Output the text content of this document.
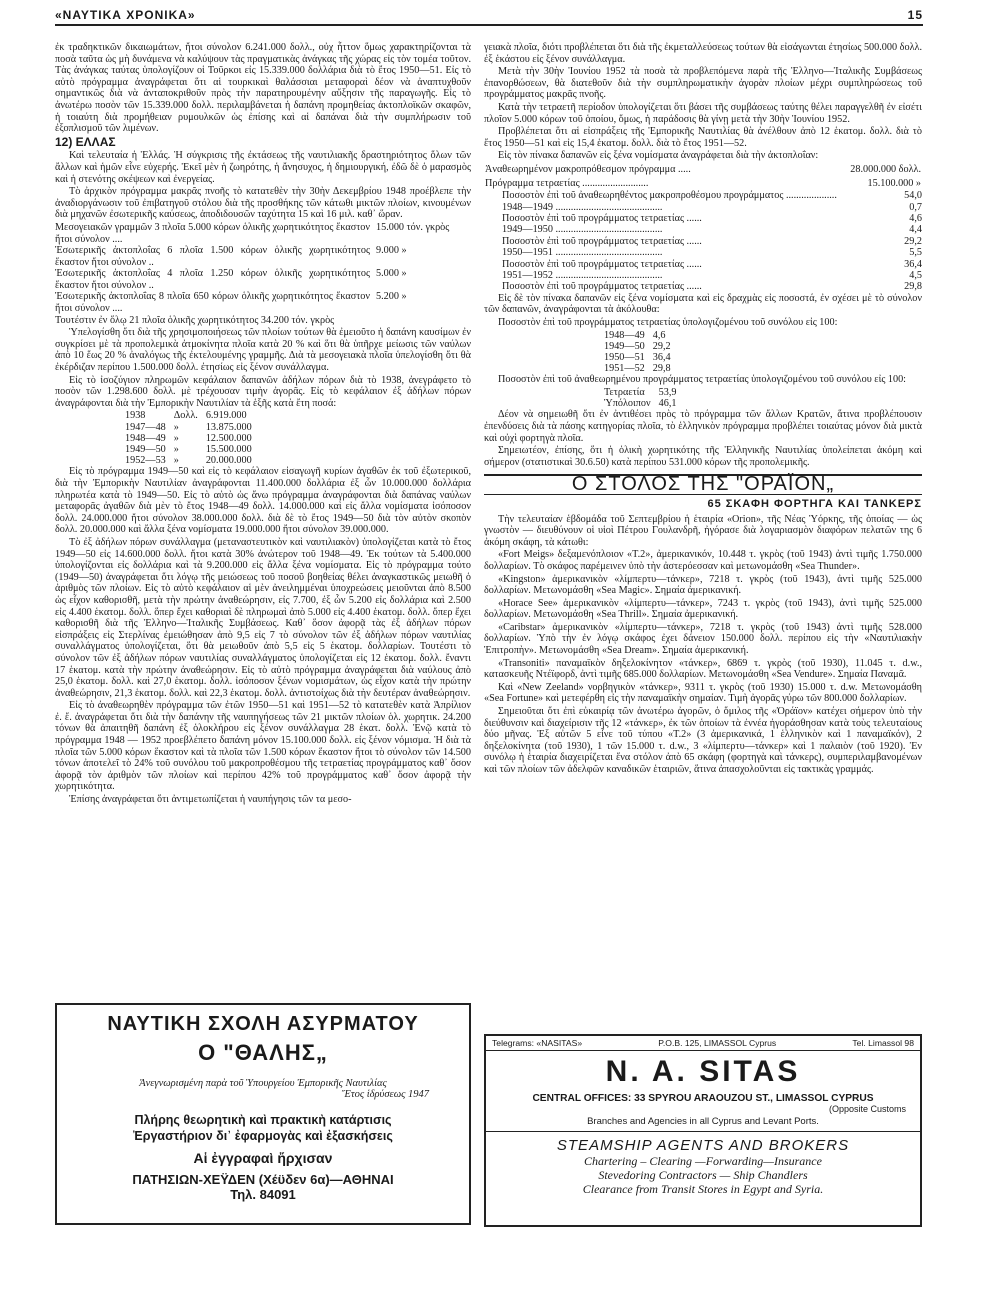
«ΝΑΥΤΙΚΑ ΧΡΟΝΙΚΑ»	15

ἐκ τραδηκτικῶν δικαιωμάτων, ἤτοι σύνολον 6.241.000 δολλ., οὐχ ἦττον ὅμως χαρακτηρίζονται τὰ ποσὰ ταῦτα ὡς μὴ δυνάμενα νὰ καλύψουν τὰς πραγματικὰς ἀνάγκας τῆς χώρας εἰς τὸν τομέα τοῦτον. Τὰς ἀνάγκας ταύτας ὑπολογίζουν οἱ Τοῦρκοι εἰς 15.339.000 δολλάρια διὰ τὸ ἔτος 1950—51. Εἰς τὸ αὐτὸ πρόγραμμα ἀναγράφεται ὅτι αἱ τουρκικαὶ θαλάσσιαι μεταφοραὶ δέον νὰ ἀναπτυχθοῦν σημαντικῶς διὰ νὰ ἀνταποκριθοῦν πρὸς τὴν παρατηρουμένην αὔξησιν τῆς παραγωγῆς. Εἰς τὸ ἀνωτέρω ποσὸν τῶν 15.339.000 δολλ. περιλαμβάνεται ἡ δαπάνη προμηθείας ἀκτοπλοϊκῶν σκαφῶν, ἡ τοιαύτη διὰ προμήθειαν ρυμουλκῶν ὡς ἐπίσης καὶ αἱ δαπάναι διὰ τὴν συμπλήρωσιν τοῦ ἐξοπλισμοῦ τῶν λιμένων.

12) ΕΛΛΑΣ

Καὶ τελευταία ἡ Ἑλλάς. Ἡ σύγκρισις τῆς ἐκτάσεως τῆς ναυτιλιακῆς δραστηριότητος ὅλων τῶν ἄλλων καὶ ἡμῶν εἶνε εὐχερής. Ἐκεῖ μὲν ἡ ζωηρότης, ἡ ἄνησυχος, ἡ δημιουργική, ἐδῶ δὲ ὁ μαρασμὸς καὶ ἡ στενότης σκέψεων καὶ ἐνεργείας.

Τὸ ἀρχικὸν πρόγραμμα μακρᾶς πνοῆς τὸ κατατεθὲν τὴν 30ὴν Δεκεμβρίου 1948 προέβλεπε τὴν ἀναδιοργάνωσιν τοῦ ἐπιβατηγοῦ στόλου διὰ τῆς προσθήκης τῶν κάτωθι μικτῶν πλοίων, κινουμένων διὰ μηχανῶν ἐσωτερικῆς καύσεως, ἀποδιδουσῶν ταχύτητα 15 καὶ 16 μιλ. καθ᾽ ὥραν.

Μεσογειακῶν γραμμῶν 3 πλοῖα 5.000 κόρων ὁλικῆς χωρητικότητος ἕκαστον ἤτοι σύνολον ....	15.000 τόν. γκρὸς
Ἐσωτερικῆς ἀκτοπλοΐας 6 πλοῖα 1.500 κόρων ὁλικῆς χωρητικότητος ἕκαστον ἤτοι σύνολον ..	9.000 »
Ἐσωτερικῆς ἀκτοπλοΐας 4 πλοῖα 1.250 κόρων ὁλικῆς χωρητικότητος ἕκαστον ἤτοι σύνολον ..	5.000 »
Ἐσωτερικῆς ἀκτοπλοΐας 8 πλοῖα 650 κόρων ὁλικῆς χωρητικότητος ἕκαστον ἤτοι σύνολον ....	5.200 »

Τουτέστιν ἐν ὅλῳ 21 πλοῖα ὁλικῆς χωρητικότητος 34.200 τόν. γκρὸς

Ὑπελογίσθη ὅτι διὰ τῆς χρησιμοποιήσεως τῶν πλοίων τούτων θὰ ἐμειοῦτο ἡ δαπάνη καυσίμων ἐν συγκρίσει μὲ τὰ προπολεμικὰ ἀτμοκίνητα πλοῖα κατὰ 20 % καὶ ὅτι θὰ ὑπῆρχε μείωσις τῶν ναύλων ἀπὸ 10 ἕως 20 % ἀναλόγως τῆς ἐκτελουμένης γραμμῆς. Διὰ τὰ μεσογειακὰ πλοῖα ὑπελογίσθη ὅτι θὰ ἐκέρδιζαν περίπου 1.500.000 δολλ. ἐτησίως εἰς ξένον συνάλλαγμα.

Εἰς τὸ ἰσοζύγιον πληρωμῶν κεφάλαιον δαπανῶν ἀδήλων πόρων διὰ τὸ 1938, ἀνεγράφετο τὸ ποσὸν τῶν 1.298.600 δολλ. μὲ τρέχουσαν τιμὴν ἀγορᾶς. Εἰς τὸ κεφάλαιον ἐξ ἀδήλων πόρων ἀναγράφονται διὰ τὴν Ἐμπορικὴν Ναυτιλίαν τὰ ἑξῆς κατὰ ἔτη ποσά:

1938	Δολλ.	6.919.000
1947—48	»	13.875.000
1948—49	»	12.500.000
1949—50	»	15.500.000
1952—53	»	20.000.000

Εἰς τὸ πρόγραμμα 1949—50 καὶ εἰς τὸ κεφάλαιον εἰσαγωγῆ κυρίων ἀγαθῶν ἐκ τοῦ ἐξωτερικοῦ, διὰ τὴν Ἐμπορικὴν Ναυτιλίαν ἀναγράφονται 11.400.000 δολλάρια ἐξ ὧν 10.000.000 δολλάρια πληρωτέα κατὰ τὸ 1949—50. Εἰς τὸ αὐτὸ ὡς ἄνω πρόγραμμα ἀναγράφονται διὰ δαπάνας ναύλων μεταφορᾶς ἀγαθῶν διὰ μὲν τὸ ἔτος 1948—49 δολλ. 14.000.000 καὶ εἰς ἄλλα νομίσματα ἰσόποσον δολλ. 24.000.000 ἤτοι σύνολον 38.000.000 δολλ. διὰ δὲ τὸ ἔτος 1949—50 διὰ τὸν αὐτὸν σκοπὸν δολλ. 20.000.000 καὶ ἄλλα ξένα νομίσματα 19.000.000 ἤτοι σύνολον 39.000.000.

Τὸ ἐξ ἀδήλων πόρων συνάλλαγμα (μεταναστευτικὸν καὶ ναυτιλιακὸν) ὑπολογίζεται κατὰ τὸ ἔτος 1949—50 εἰς 14.600.000 δολλ. ἤτοι κατὰ 30% ἀνώτερον τοῦ 1948—49. Ἐκ τούτων τὰ 5.400.000 ὑπολογίζονται εἰς δολλάρια καὶ τὰ 9.200.000 εἰς ἄλλα ξένα νομίσματα. Εἰς τὸ πρόγραμμα τούτο (1949—50) ἀναγράφεται ὅτι λόγῳ τῆς μειώσεως τοῦ ποσοῦ βοηθείας θέλει ἀναγκαστικῶς μειωθῆ ὁ ἀριθμὸς τῶν πλοίων. Εἰς τὸ αὐτὸ κεφάλαιον αἱ μὲν ἀνειλημμέναι ὑποχρεώσεις μειοῦνται ἀπὸ 8.500 ὡς εἶχον καθορισθῆ, μετὰ τὴν πρώτην ἀναθεώρησιν, εἰς 7.700, ἐξ ὧν 5.200 εἰς δολλάρια καὶ 2.500 εἰς 4.400 ἑκατομ. δολλ. ὅπερ ἔχει καθοριαὶ δὲ πληρωμαὶ ἀπὸ 5.000 εἰς 4.400 ἑκατομ. δολλ. ὅπερ ἔχει καθορισθῆ διὰ τῆς Ἑλληνο—Ἰταλικῆς Συμβάσεως. Καθ᾽ ὅσον ἀφορᾷ τὰς ἐξ ἀδήλων πόρων εἰσπράξεις εἰς Στερλίνας ἐμειώθησαν ἀπὸ 9,5 εἰς 7 τὸ σύνολον τῶν ἐξ ἀδήλων πόρων ναυτιλίας συναλλάγματος ὑπολογίζεται, ὅτι θὰ μειωθοῦν ἀπὸ 5,5 εἰς 5 ἑκατομ. δολλαρίων. Τουτέστι τὸ σύνολον τῶν ἐξ ἀδήλων πόρων ναυτιλίας συναλλάγματος ὑπολογίζεται εἰς 12 ἑκατομ. δολλ. ἔναντι 17 ἑκατομ. κατὰ τὴν πρώτην ἀναθεώρησιν. Εἰς τὸ αὐτὸ πρόγραμμα ἀναγράφεται διὰ ναύλους ἀπὸ 25,0 ἑκατομ. δολλ. καὶ 27,0 ἑκατομ. δολλ. ἰσόποσον ξένων νομισμάτων, ὡς εἶχον κατὰ τὴν πρώτην ἀναθεώρησιν, 21,3 ἑκατομ. δολλ. καὶ 22,3 ἑκατομ. δολλ. ἀντιστοίχως διὰ τὴν δευτέραν ἀναθεώρησιν.

Εἰς τὸ ἀναθεωρηθὲν πρόγραμμα τῶν ἐτῶν 1950—51 καὶ 1951—52 τὸ κατατεθὲν κατὰ Ἀπρίλιον ἐ. ἔ. ἀναγράφεται ὅτι διὰ τὴν δαπάνην τῆς ναυπηγήσεως τῶν 21 μικτῶν πλοίων ὁλ. χωρητικ. 24.200 τόνων θὰ ἀπαιτηθῆ δαπάνη ἐξ ὁλοκλήρου εἰς ξένον συνάλλαγμα 28 ἑκατ. δολλ. Ἐνῷ κατὰ τὸ πρόγραμμα 1948 — 1952 προεβλέπετο δαπάνη μόνον 15.100.000 δολλ. εἰς ξένον νόμισμα. Ἡ διὰ τὰ πλοῖα τῶν 5.000 κόρων ἕκαστον καὶ τὰ πλοῖα τῶν 1.500 κόρων ἕκαστον ἤτοι τὸ σύνολον τῶν 14.500 τόνων ἀποτελεῖ τὸ 24% τοῦ συνόλου τοῦ μακροπροθέσμου τῆς τετραετίας προγράμματος καθ᾽ ὅσον ἀφορᾷ τὸν ἀριθμὸν τῶν πλοίων καὶ περίπου 42% τοῦ προγράμματος καθ᾽ ὅσον ἀφορᾷ τὴν χωρητικότητα.

Ἐπίσης ἀναγράφεται ὅτι ἀντιμετωπίζεται ἡ ναυπήγησις τῶν τα μεσο-

γειακὰ πλοῖα, διότι προβλέπεται ὅτι διὰ τῆς ἐκμεταλλεύσεως τούτων θὰ εἰσάγωνται ἐτησίως 500.000 δολλ. ἐξ ἑκάστου εἰς ξένον συνάλλαγμα.

Μετὰ τὴν 30ὴν Ἰουνίου 1952 τὰ ποσὰ τὰ προβλεπόμενα παρὰ τῆς Ἑλληνο—Ἰταλικῆς Συμβάσεως ἐπανορθώσεων, θὰ διατεθοῦν διὰ τὴν συμπληρωματικὴν ἀγορὰν πλοίων μέχρι συμπληρώσεως τοῦ προγράμματος μακρᾶς πνοῆς.

Κατὰ τὴν τετραετῆ περίοδον ὑπολογίζεται ὅτι βάσει τῆς συμβάσεως ταύτης θέλει παραγγελθῆ ἐν εἰσέτι πλοῖον 5.000 κόρων τοῦ ὁποίου, ὅμως, ἡ παράδοσις θὰ γίνῃ μετὰ τὴν 30ὴν Ἰουνίου 1952.

Προβλέπεται ὅτι αἱ εἰσπράξεις τῆς Ἐμπορικῆς Ναυτιλίας θὰ ἀνέλθουν ἀπὸ 12 ἑκατομ. δολλ. διὰ τὸ ἔτος 1950—51 καὶ εἰς 15,4 ἑκατομ. δολλ. διὰ τὸ ἔτος 1951—52.

Εἰς τὸν πίνακα δαπανῶν εἰς ξένα νομίσματα ἀναγράφεται διὰ τὴν ἀκτοπλοΐαν:

Ἀναθεωρημένον μακροπρόθεσμον πρόγραμμα .....	28.000.000 δολλ.
Πρόγραμμα τετραετίας ..........................	15.100.000 »
Ποσοστὸν ἐπὶ τοῦ ἀναθεωρηθέντος μακροπροθέσμου προγράμματος ....................	54,0
1948—1949 ..........................................	0,7
Ποσοστὸν ἐπὶ τοῦ προγράμματος τετραετίας ......	4,6
1949—1950 ..........................................	4,4
Ποσοστὸν ἐπὶ τοῦ προγράμματος τετραετίας ......	29,2
1950—1951 ..........................................	5,5
Ποσοστὸν ἐπὶ τοῦ προγράμματος τετραετίας ......	36,4
1951—1952 ..........................................	4,5
Ποσοστὸν ἐπὶ τοῦ προγράμματος τετραετίας ......	29,8

Εἰς δὲ τὸν πίνακα δαπανῶν εἰς ξένα νομίσματα καὶ εἰς δραχμὰς εἰς ποσοστά, ἐν σχέσει μὲ τὸ σύνολον τῶν δαπανῶν, ἀναγράφονται τὰ ἀκόλουθα:

Ποσοστὸν ἐπὶ τοῦ προγράμματος τετραετίας ὑπολογιζομένου τοῦ συνόλου εἰς 100:

1948—49	4,6
1949—50	29,2
1950—51	36,4
1951—52	29,8

Ποσοστὸν ἐπὶ τοῦ ἀναθεωρημένου προγράμματος τετραετίας ὑπολογιζομένου τοῦ συνόλου εἰς 100:

Τετραετία	53,9
Ὑπόλοιπον	46,1

Δέον νὰ σημειωθῆ ὅτι ἐν ἀντιθέσει πρὸς τὸ πρόγραμμα τῶν ἄλλων Κρατῶν, ἅτινα προβλέπουσιν ἐπενδύσεις διὰ τὰ πάσης κατηγορίας πλοῖα, τὸ ἑλληνικὸν πρόγραμμα προβλέπει τοιαύτας μόνον διὰ μικτὰ καὶ οὐχὶ φορτηγὰ πλοῖα.

Σημειωτέον, ἐπίσης, ὅτι ἡ ὁλικὴ χωρητικότης τῆς Ἑλληνικῆς Ναυτιλίας ὑπολείπεται ἀκόμη καὶ σήμερον (στατιστικαὶ 30.6.50) κατὰ περίπου 531.000 κόρων τῆς προπολεμικῆς.

Ο ΣΤΟΛΟΣ ΤΗΣ "ΟΡΑΪΟΝ„
65 ΣΚΑΦΗ ΦΟΡΤΗΓΑ ΚΑΙ ΤΑΝΚΕΡΣ

Τὴν τελευταίαν ἑβδομάδα τοῦ Σεπτεμβρίου ἡ ἑταιρία «Orion», τῆς Νέας Ὑόρκης, τῆς ὁποίας — ὡς γνωστὸν — διευθύνουν οἱ υἱοὶ Πέτρου Γουλανδρῆ, ἠγόρασε διὰ λογαριασμὸν διαφόρων πελατῶν της 6 ἀκόμη σκάφη, τὰ κάτωθι:

«Fort Meigs» δεξαμενόπλοιον «T.2», ἀμερικανικόν, 10.448 τ. γκρὸς (τοῦ 1943) ἀντὶ τιμῆς 1.750.000 δολλαρίων. Τὸ σκάφος παρέμεινεν ὑπὸ τὴν ἀστερόεσσαν καὶ μετωνομάσθη «Sea Thunder».

«Kingston» ἀμερικανικὸν «λίμπερτυ—τάνκερ», 7218 τ. γκρὸς (τοῦ 1943), ἀντὶ τιμῆς 525.000 δολλαρίων. Μετωνομάσθη «Sea Magic». Σημαία ἀμερικανική.

«Horace See» ἀμερικανικὸν «λίμπερτυ—τάνκερ», 7243 τ. γκρὸς (τοῦ 1943), ἀντὶ τιμῆς 525.000 δολλαρίων. Μετωνομάσθη «Sea Thrill». Σημαία ἀμερικανική.

«Caribstar» ἀμερικανικὸν «λίμπερτυ—τάνκερ», 7218 τ. γκρὸς (τοῦ 1943) ἀντὶ τιμῆς 528.000 δολλαρίων. Ὑπὸ τὴν ἐν λόγῳ σκάφος ἐχει δάνειον 150.000 δολλ. περίπου εἰς τὴν «Ναυτιλιακὴν Ἐπιτροπὴν». Μετωνομάσθη «Sea Dream». Σημαία ἀμερικανική.

«Transoniti» παναμαϊκὸν δηξελοκίνητον «τάνκερ», 6869 τ. γκρὸς (τοῦ 1930), 11.045 τ. d.w., κατασκευῆς Ντέϊφορδ, ἀντὶ τιμῆς 685.000 δολλαρίων. Μετωνομάσθη «Sea Vendure». Σημαία Παναμᾶ.

Καὶ «New Zeeland» νορβηγικὸν «τάνκερ», 9311 τ. γκρὸς (τοῦ 1930) 15.000 τ. d.w. Μετωνομάσθη «Sea Fortune» καὶ μετεφέρθη εἰς τὴν παναμαϊκὴν σημαίαν. Τιμὴ ἀγορᾶς γύρω τῶν 800.000 δολλαρίων.

Σημειοῦται ὅτι ἐπὶ εὐκαιρίᾳ τῶν ἀνωτέρω ἀγορῶν, ὁ ὅμιλος τῆς «Ὀράϊον» κατέχει σήμερον ὑπὸ τὴν διεύθυνσιν καὶ διαχείρισιν τῆς 12 «τάνκερ», ἐκ τῶν ὁποίων τὰ ἐννέα ἠγοράσθησαν κατὰ τοὺς τελευταίους δύο μῆνας. Ἐξ αὐτῶν 5 εἶνε τοῦ τύπου «T.2» (3 ἀμερικανικά, 1 ἑλληνικὸν καὶ 1 παναμαϊκόν), 2 δηξελοκίνητα (τοῦ 1930), 1 τῶν 15.000 τ. d.w., 3 «λίμπερτυ—τάνκερ» καὶ 1 παλαιὸν (τοῦ 1920). Ἐν συνόλῳ ἡ ἑταιρία διαχειρίζεται ἕνα στόλον ἀπὸ 65 σκάφη (φορτηγὰ καὶ τάνκερς), συμπεριλαμβανομένων καὶ τῶν πλοίων τῶν ἀδελφῶν καναδικῶν ἑταιριῶν, ἅτινα ἀπασχολοῦνται εἰς τακτικὰς γραμμάς.

ΝΑΥΤΙΚΗ ΣΧΟΛΗ ΑΣΥΡΜΑΤΟΥ
Ο "ΘΑΛΗΣ„
Ἀνεγνωρισμένη παρὰ τοῦ Ὑπουργείου Ἐμπορικῆς Ναυτιλίας
Ἔτος ἱδρύσεως 1947
Πλήρης θεωρητικὴ καὶ πρακτικὴ κατάρτισις
Ἐργαστήριον δι᾽ ἐφαρμογὰς καὶ ἐξασκήσεις
Αἱ ἐγγραφαὶ ἤρχισαν
ΠΑΤΗΣΙΩΝ-ΧΕΫΔΕΝ (Χέϋδεν 6α)—ΑΘΗΝΑΙ
Τηλ. 84091
Telegrams: «NASITAS»	P.O.B. 125, LIMASSOL Cyprus	Tel. Limassol 98
N. A. SITAS
CENTRAL OFFICES: 33 SPYROU ARAOUZOU ST., LIMASSOL CYPRUS
(Opposite Customs
Branches and Agencies in all Cyprus and Levant Ports.
STEAMSHIP AGENTS AND BROKERS
Chartering – Clearing —Forwarding—Insurance
Stevedoring Contractors — Ship Chandlers
Clearance from Transit Stores in Egypt and Syria.
